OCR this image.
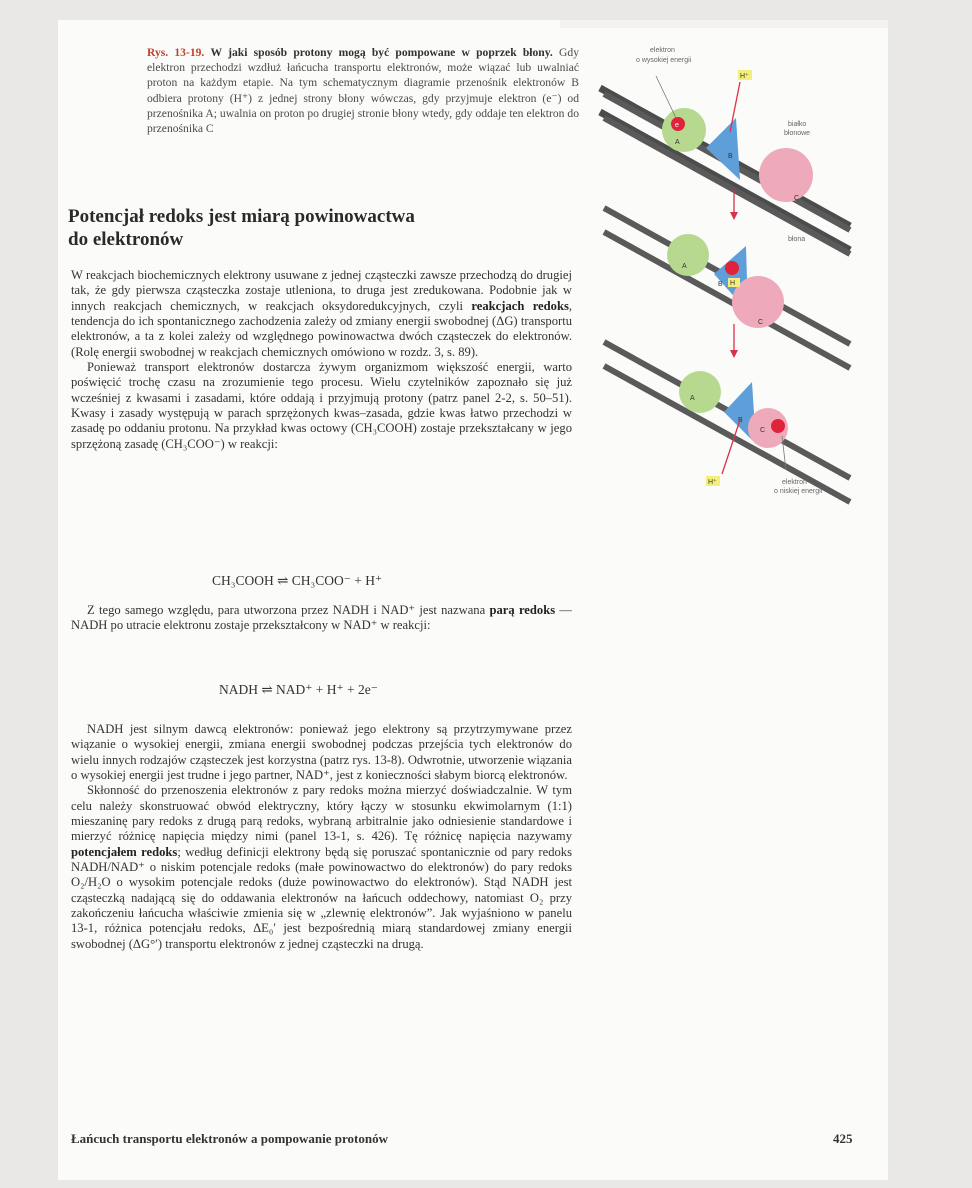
Rys. 13-19. W jaki sposób protony mogą być pompowane w poprzek błony. Gdy elektron przechodzi wzdłuż łańcucha transportu elektronów, może wiązać lub uwalniać proton na każdym etapie. Na tym schematycznym diagramie przenośnik elektronów B odbiera protony (H⁺) z jednej strony błony wówczas, gdy przyjmuje elektron (e⁻) od przenośnika A; uwalnia on proton po drugiej stronie błony wtedy, gdy oddaje ten elektron do przenośnika C	e
A
B
C
H⁺
elektron
o wysokiej energii
białko
błonowe
H
A
B
C
błona
A
B
C
H⁺	elektron
o niskiej energii
Potencjał redoks jest miarą powinowactwa
do elektronów

W reakcjach biochemicznych elektrony usuwane z jednej cząsteczki zawsze przechodzą do drugiej tak, że gdy pierwsza cząsteczka zostaje utleniona, to druga jest zredukowana. Podobnie jak w innych reakcjach chemicznych, w reakcjach oksydoredukcyjnych, czyli reakcjach redoks, tendencja do ich spontanicznego zachodzenia zależy od zmiany energii swobodnej (ΔG) transportu elektronów, a ta z kolei zależy od względnego powinowactwa dwóch cząsteczek do elektronów. (Rolę energii swobodnej w reakcjach chemicznych omówiono w rozdz. 3, s. 89).

Ponieważ transport elektronów dostarcza żywym organizmom większość energii, warto poświęcić trochę czasu na zrozumienie tego procesu. Wielu czytelników zapoznało się już wcześniej z kwasami i zasadami, które oddają i przyjmują protony (patrz panel 2-2, s. 50–51). Kwasy i zasady występują w parach sprzężonych kwas–zasada, gdzie kwas łatwo przechodzi w zasadę po oddaniu protonu. Na przykład kwas octowy (CH₃COOH) zostaje przekształcany w jego sprzężoną zasadę (CH₃COO⁻) w reakcji:

CH₃COOH ⇌ CH₃COO⁻ + H⁺

Z tego samego względu, para utworzona przez NADH i NAD⁺ jest nazwana parą redoks — NADH po utracie elektronu zostaje przekształcony w NAD⁺ w reakcji:

NADH ⇌ NAD⁺ + H⁺ + 2e⁻

NADH jest silnym dawcą elektronów: ponieważ jego elektrony są przytrzymywane przez wiązanie o wysokiej energii, zmiana energii swobodnej podczas przejścia tych elektronów do wielu innych rodzajów cząsteczek jest korzystna (patrz rys. 13-8). Odwrotnie, utworzenie wiązania o wysokiej energii jest trudne i jego partner, NAD⁺, jest z konieczności słabym biorcą elektronów.

Skłonność do przenoszenia elektronów z pary redoks można mierzyć doświadczalnie. W tym celu należy skonstruować obwód elektryczny, który łączy w stosunku ekwimolarnym (1:1) mieszaninę pary redoks z drugą parą redoks, wybraną arbitralnie jako odniesienie standardowe i mierzyć różnicę napięcia między nimi (panel 13-1, s. 426). Tę różnicę napięcia nazywamy potencjałem redoks; według definicji elektrony będą się poruszać spontanicznie od pary redoks NADH/NAD⁺ o niskim potencjale redoks (małe powinowactwo do elektronów) do pary redoks O₂/H₂O o wysokim potencjale redoks (duże powinowactwo do elektronów). Stąd NADH jest cząsteczką nadającą się do oddawania elektronów na łańcuch oddechowy, natomiast O₂ przy zakończeniu łańcucha właściwie zmienia się w „zlewnię elektronów”. Jak wyjaśniono w panelu 13-1, różnica potencjału redoks, ΔE₀′ jest bezpośrednią miarą standardowej zmiany energii swobodnej (ΔG°′) transportu elektronów z jednej cząsteczki na drugą.

Łańcuch transportu elektronów a pompowanie protonów	425
